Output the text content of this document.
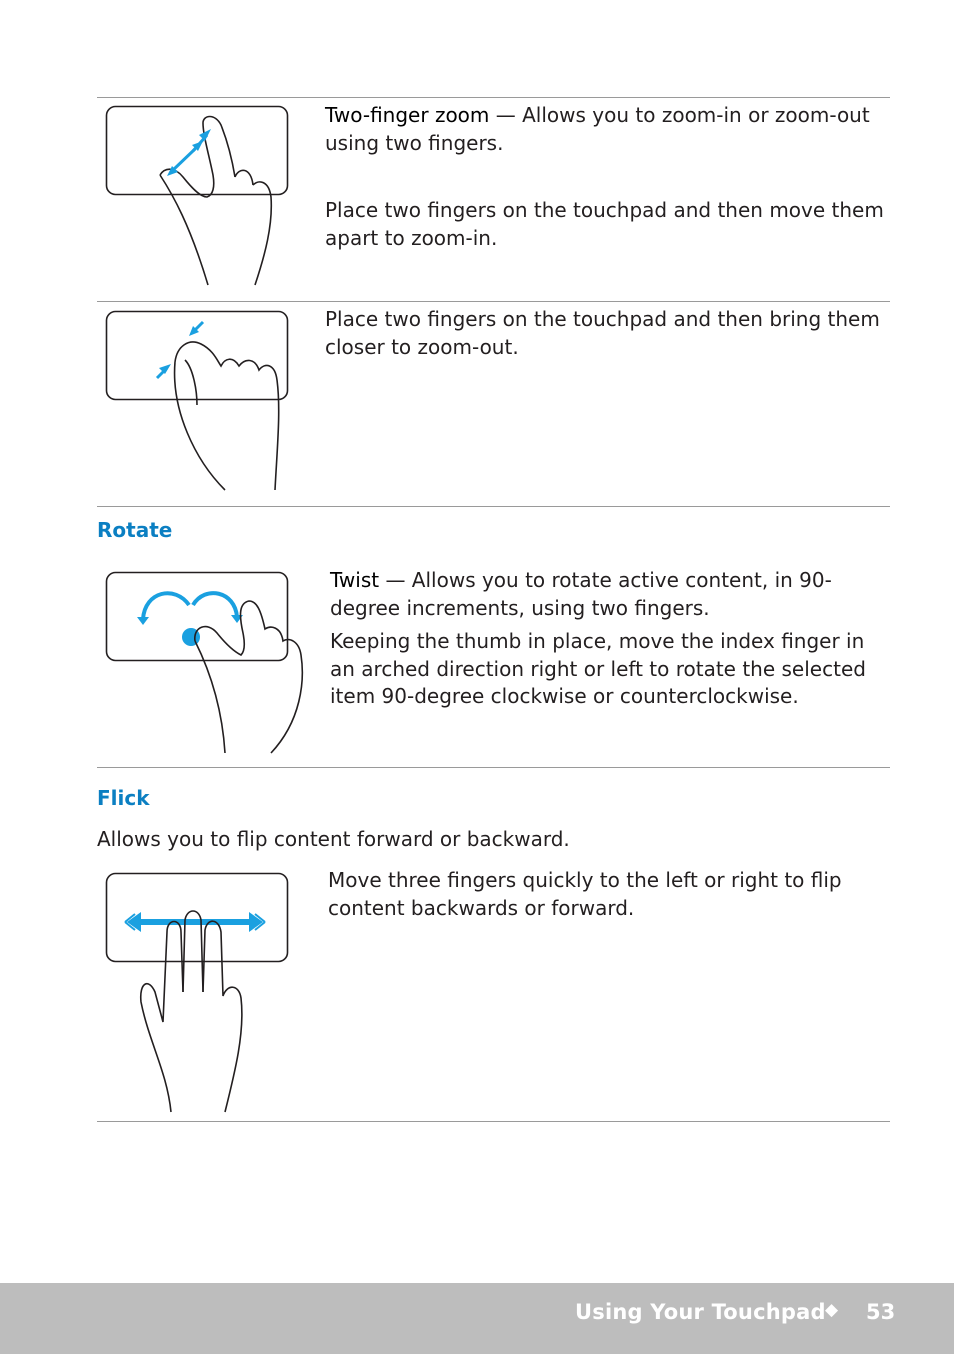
Two-finger zoom — Allows you to zoom-in or zoom-out using two fingers.
Place two fingers on the touchpad and then move them apart to zoom-in.
Place two fingers on the touchpad and then bring them closer to zoom-out.
Rotate
Twist — Allows you to rotate active content, in 90-degree increments, using two fingers.
Keeping the thumb in place, move the index finger in an arched direction right or left to rotate the selected item 90-degree clockwise or counterclockwise.
Flick
Allows you to flip content forward or backward.
Move three fingers quickly to the left or right to flip content backwards or forward.
Using Your Touchpad ◆ 53
